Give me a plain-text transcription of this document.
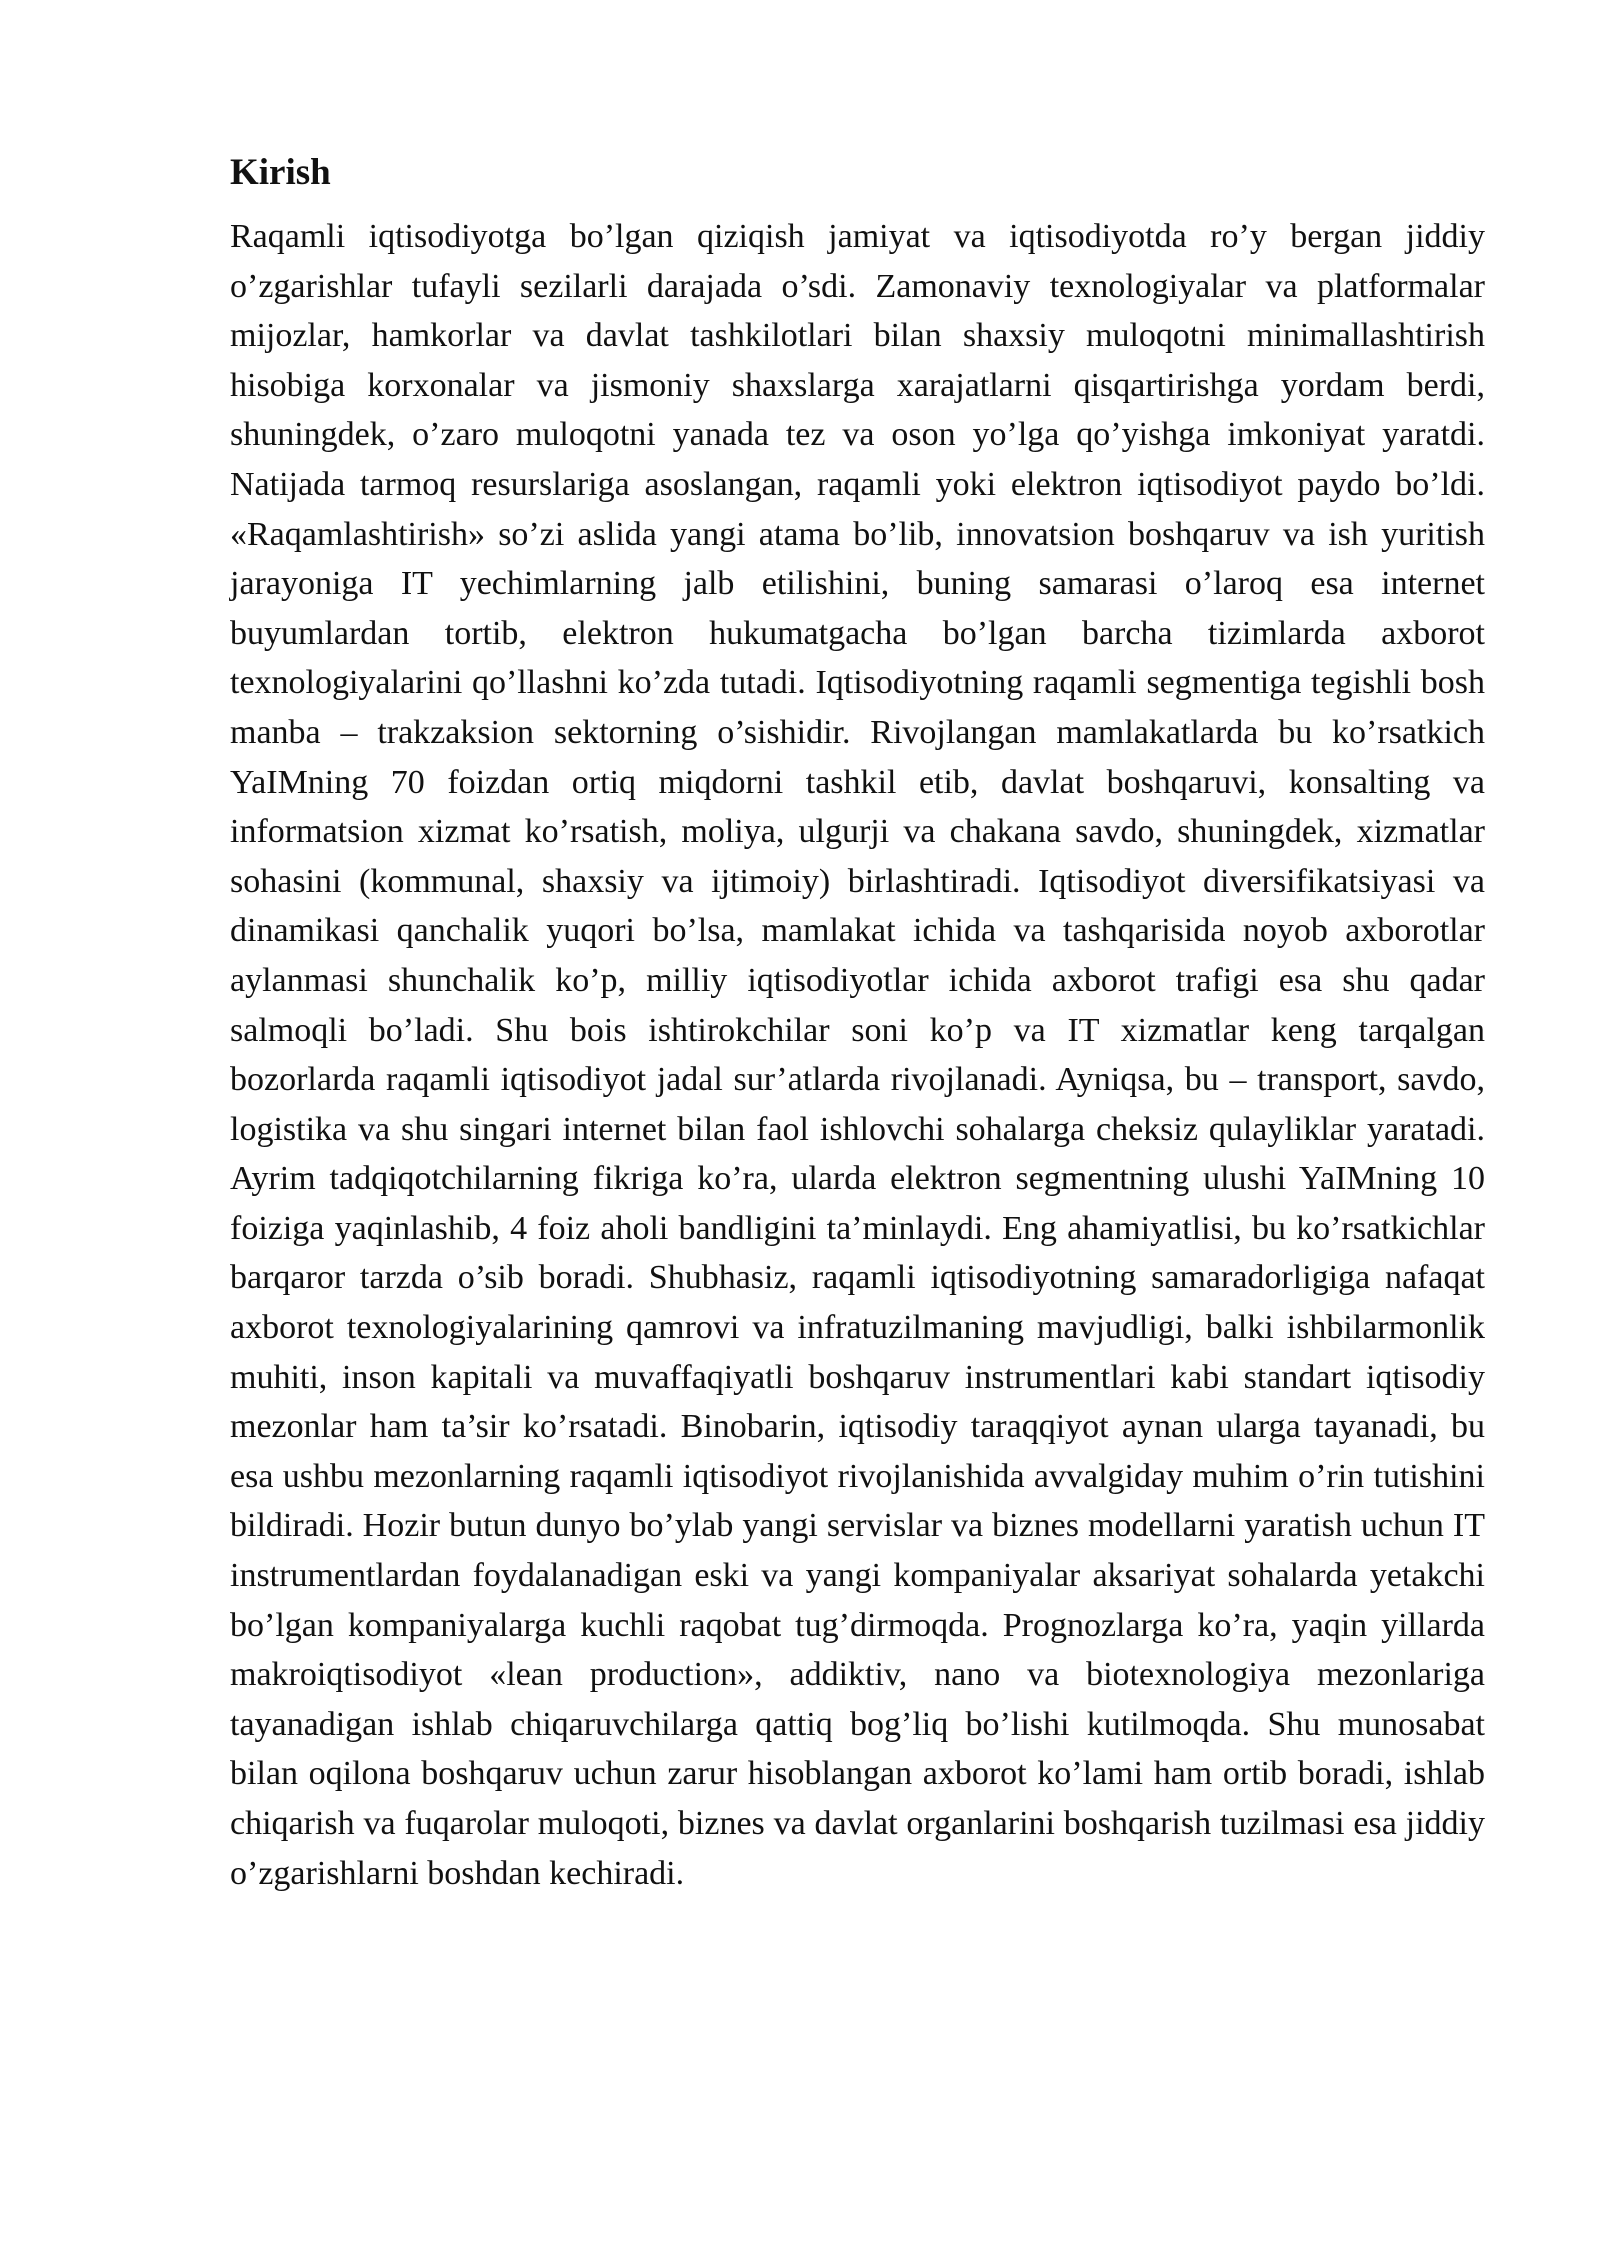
Kirish

Raqamli iqtisodiyotga bo’lgan qiziqish jamiyat va iqtisodiyotda ro’y bergan jiddiy o’zgarishlar tufayli sezilarli darajada o’sdi. Zamonaviy texnologiyalar va platformalar mijozlar, hamkorlar va davlat tashkilotlari bilan shaxsiy muloqotni minimallashtirish hisobiga korxonalar va jismoniy shaxslarga xarajatlarni qisqartirishga yordam berdi, shuningdek, o’zaro muloqotni yanada tez va oson yo’lga qo’yishga imkoniyat yaratdi. Natijada tarmoq resurslariga asoslangan, raqamli yoki elektron iqtisodiyot paydo bo’ldi. «Raqamlashtirish» so’zi aslida yangi atama bo’lib, innovatsion boshqaruv va ish yuritish jarayoniga IT yechimlarning jalb etilishini, buning samarasi o’laroq esa internet buyumlardan tortib, elektron hukumatgacha bo’lgan barcha tizimlarda axborot texnologiyalarini qo’llashni ko’zda tutadi. Iqtisodiyotning raqamli segmentiga tegishli bosh manba – trakzaksion sektorning o’sishidir. Rivojlangan mamlakatlarda bu ko’rsatkich YaIMning 70 foizdan ortiq miqdorni tashkil etib, davlat boshqaruvi, konsalting va informatsion xizmat ko’rsatish, moliya, ulgurji va chakana savdo, shuningdek, xizmatlar sohasini (kommunal, shaxsiy va ijtimoiy) birlashtiradi. Iqtisodiyot diversifikatsiyasi va dinamikasi qanchalik yuqori bo’lsa, mamlakat ichida va tashqarisida noyob axborotlar aylanmasi shunchalik ko’p, milliy iqtisodiyotlar ichida axborot trafigi esa shu qadar salmoqli bo’ladi. Shu bois ishtirokchilar soni ko’p va IT xizmatlar keng tarqalgan bozorlarda raqamli iqtisodiyot jadal sur’atlarda rivojlanadi. Ayniqsa, bu – transport, savdo, logistika va shu singari internet bilan faol ishlovchi sohalarga cheksiz qulayliklar yaratadi. Ayrim tadqiqotchilarning fikriga ko’ra, ularda elektron segmentning ulushi YaIMning 10 foiziga yaqinlashib, 4 foiz aholi bandligini ta’minlaydi. Eng ahamiyatlisi, bu ko’rsatkichlar barqaror tarzda o’sib boradi. Shubhasiz, raqamli iqtisodiyotning samaradorligiga nafaqat axborot texnologiyalarining qamrovi va infratuzilmaning mavjudligi, balki ishbilarmonlik muhiti, inson kapitali va muvaffaqiyatli boshqaruv instrumentlari kabi standart iqtisodiy mezonlar ham ta’sir ko’rsatadi. Binobarin, iqtisodiy taraqqiyot aynan ularga tayanadi, bu esa ushbu mezonlarning raqamli iqtisodiyot rivojlanishida avvalgiday muhim o’rin tutishini bildiradi. Hozir butun dunyo bo’ylab yangi servislar va biznes modellarni yaratish uchun IT instrumentlardan foydalanadigan eski va yangi kompaniyalar aksariyat sohalarda yetakchi bo’lgan kompaniyalarga kuchli raqobat tug’dirmoqda. Prognozlarga ko’ra, yaqin yillarda makroiqtisodiyot «lean production», addiktiv, nano va biotexnologiya mezonlariga tayanadigan ishlab chiqaruvchilarga qattiq bog’liq bo’lishi kutilmoqda. Shu munosabat bilan oqilona boshqaruv uchun zarur hisoblangan axborot ko’lami ham ortib boradi, ishlab chiqarish va fuqarolar muloqoti, biznes va davlat organlarini boshqarish tuzilmasi esa jiddiy o’zgarishlarni boshdan kechiradi.
